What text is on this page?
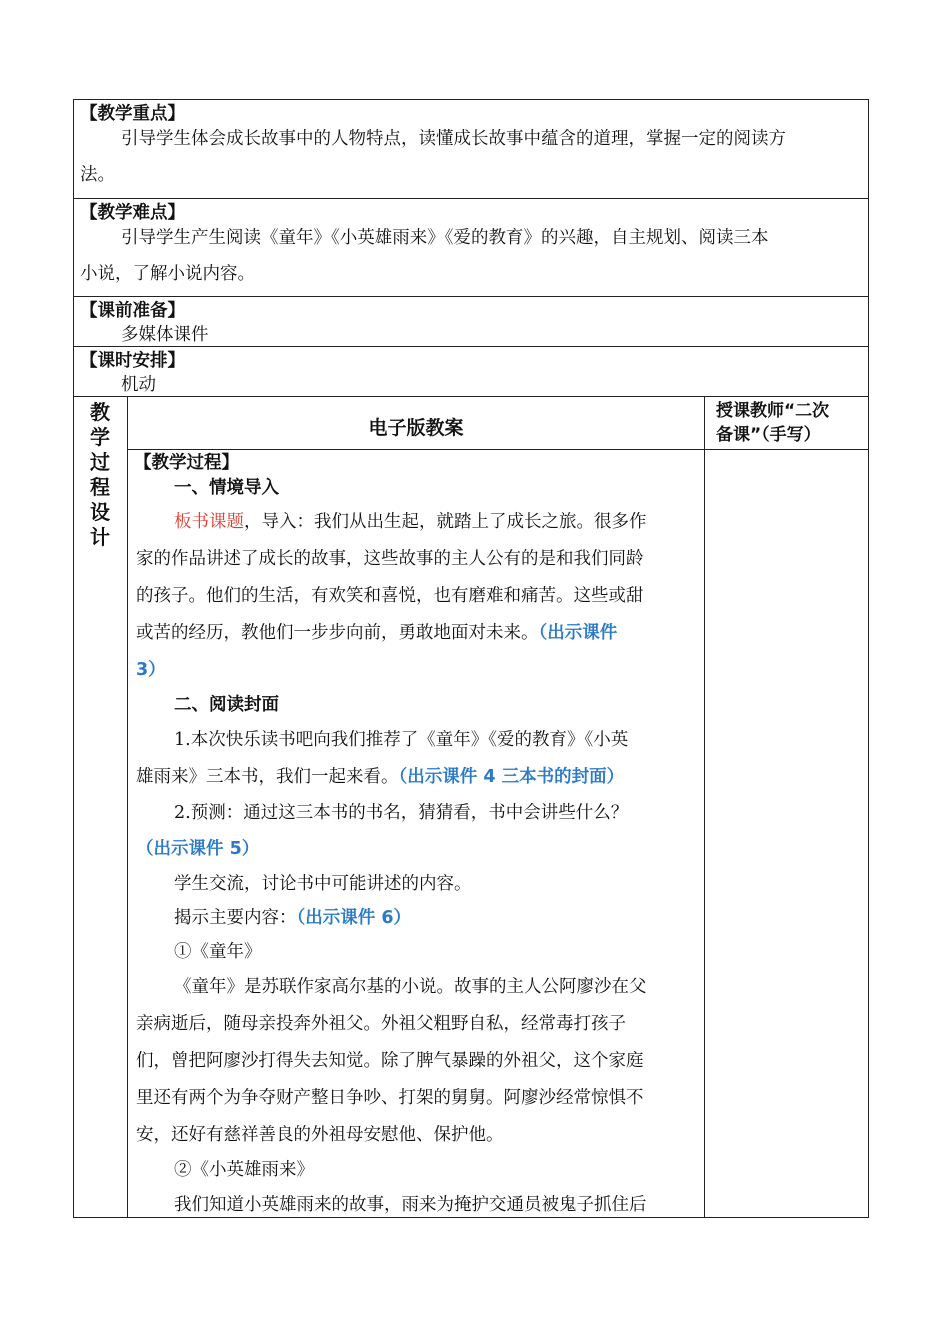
【教学重点】
引导学生体会成长故事中的人物特点，读懂成长故事中蕴含的道理，掌握一定的阅读方
法。
【教学难点】
引导学生产生阅读《童年》《小英雄雨来》《爱的教育》的兴趣，自主规划、阅读三本
小说，了解小说内容。
【课前准备】
多媒体课件
【课时安排】
机动
教
学
过
程
设
计
电子版教案
授课教师“二次
备课”（手写）
【教学过程】
一、情境导入
板书课题，导入：我们从出生起，就踏上了成长之旅。很多作
家的作品讲述了成长的故事，这些故事的主人公有的是和我们同龄
的孩子。他们的生活，有欢笑和喜悦，也有磨难和痛苦。这些或甜
或苦的经历，教他们一步步向前，勇敢地面对未来。（出示课件
3）
二、阅读封面
1.本次快乐读书吧向我们推荐了《童年》《爱的教育》《小英
雄雨来》三本书，我们一起来看。（出示课件 4 三本书的封面）
2.预测：通过这三本书的书名，猜猜看，书中会讲些什么？
（出示课件 5）
学生交流，讨论书中可能讲述的内容。
揭示主要内容：（出示课件 6）
①《童年》
《童年》是苏联作家高尔基的小说。故事的主人公阿廖沙在父
亲病逝后，随母亲投奔外祖父。外祖父粗野自私，经常毒打孩子
们，曾把阿廖沙打得失去知觉。除了脾气暴躁的外祖父，这个家庭
里还有两个为争夺财产整日争吵、打架的舅舅。阿廖沙经常惊惧不
安，还好有慈祥善良的外祖母安慰他、保护他。
②《小英雄雨来》
我们知道小英雄雨来的故事，雨来为掩护交通员被鬼子抓住后
